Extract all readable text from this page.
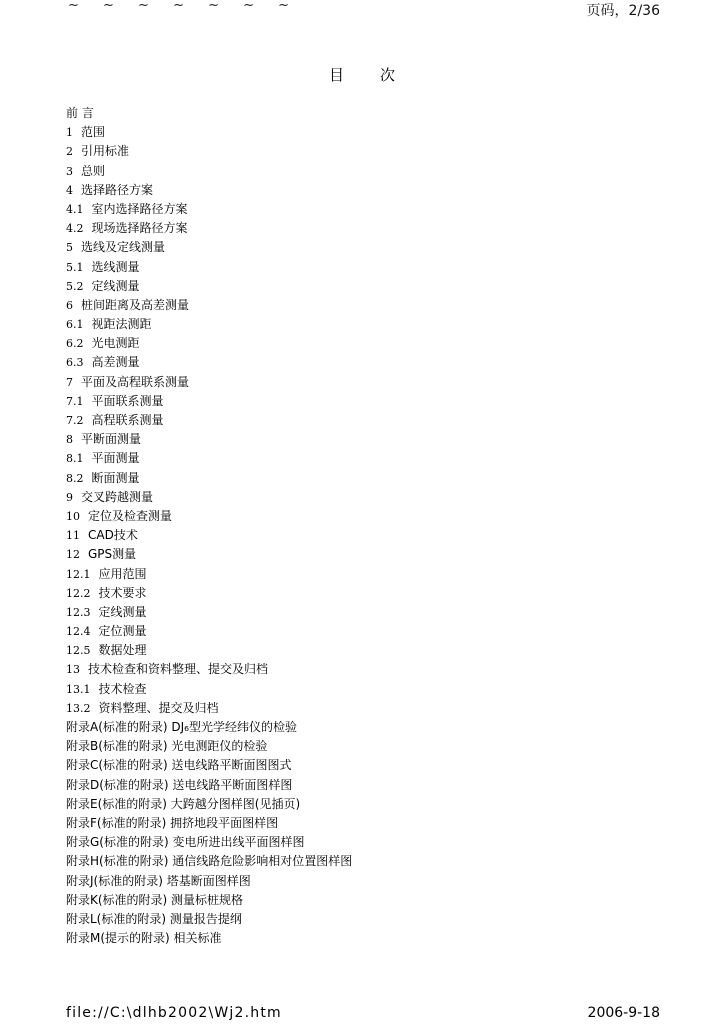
~ ~ ~ ~ ~ ~ ~	页码，2/36
目 次
前 言
1 范围
2 引用标准
3 总则
4 选择路径方案
4.1 室内选择路径方案
4.2 现场选择路径方案
5 选线及定线测量
5.1 选线测量
5.2 定线测量
6 桩间距离及高差测量
6.1 视距法测距
6.2 光电测距
6.3 高差测量
7 平面及高程联系测量
7.1 平面联系测量
7.2 高程联系测量
8 平断面测量
8.1 平面测量
8.2 断面测量
9 交叉跨越测量
10 定位及检查测量
11 CAD技术
12 GPS测量
12.1 应用范围
12.2 技术要求
12.3 定线测量
12.4 定位测量
12.5 数据处理
13 技术检查和资料整理、提交及归档
13.1 技术检查
13.2 资料整理、提交及归档
附录A(标准的附录) DJ₆型光学经纬仪的检验
附录B(标准的附录) 光电测距仪的检验
附录C(标准的附录) 送电线路平断面图图式
附录D(标准的附录) 送电线路平断面图样图
附录E(标准的附录) 大跨越分图样图(见插页)
附录F(标准的附录) 拥挤地段平面图样图
附录G(标准的附录) 变电所进出线平面图样图
附录H(标准的附录) 通信线路危险影响相对位置图样图
附录J(标准的附录) 塔基断面图样图
附录K(标准的附录) 测量标桩规格
附录L(标准的附录) 测量报告提纲
附录M(提示的附录) 相关标准
file://C:\dlhb2002\Wj2.htm	2006-9-18
